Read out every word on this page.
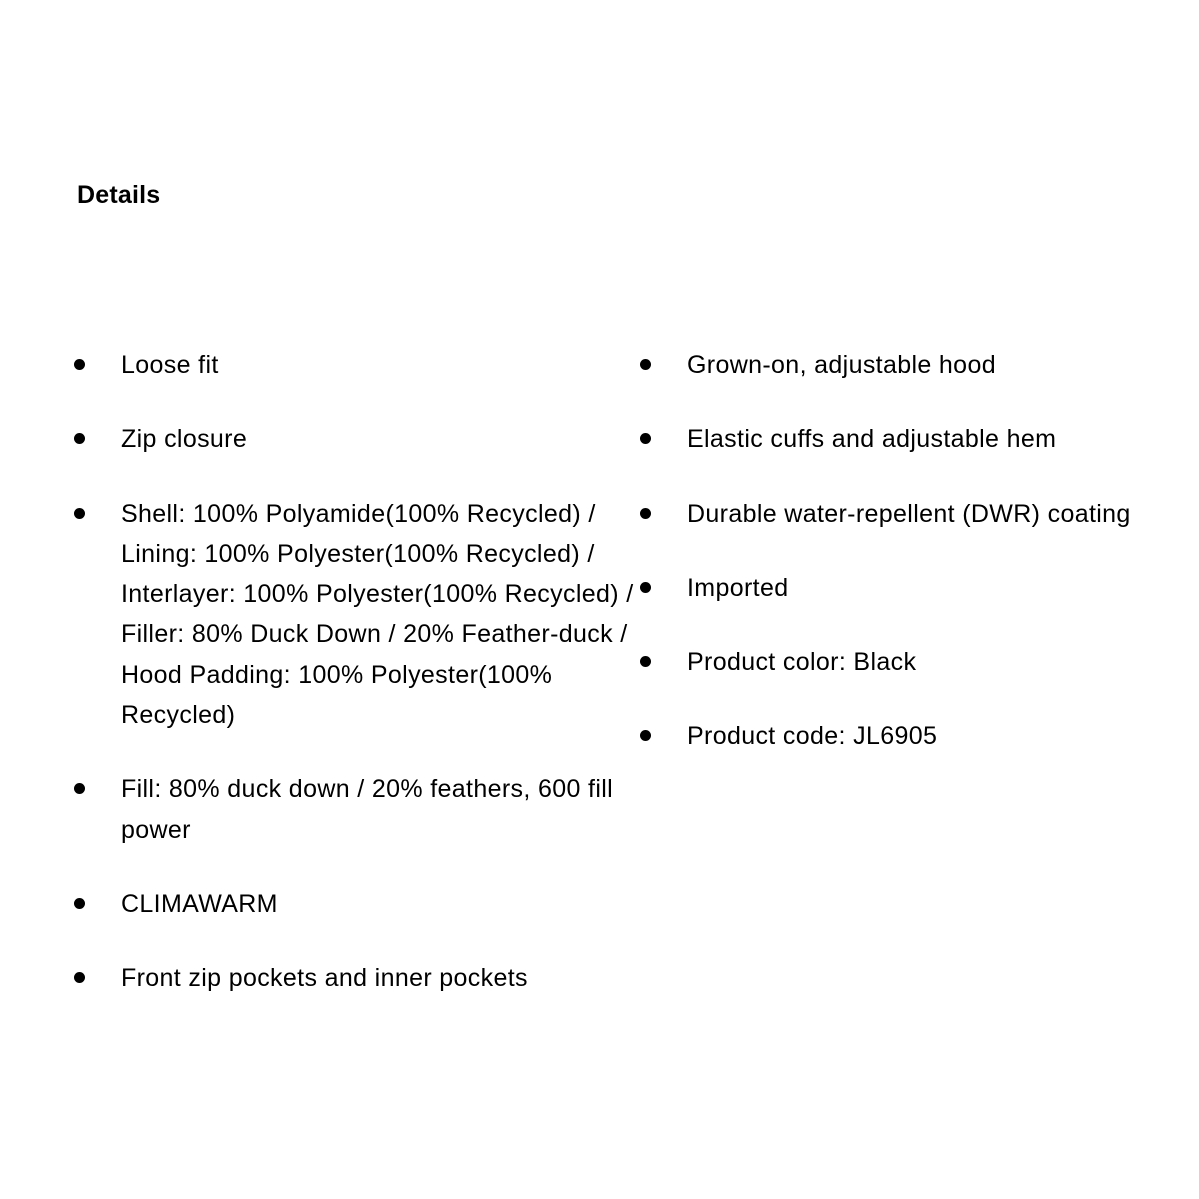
Details
Loose fit
Zip closure
Shell: 100% Polyamide(100% Recycled) / Lining: 100% Polyester(100% Recycled) / Interlayer: 100% Polyester(100% Recycled) / Filler: 80% Duck Down / 20% Feather-duck / Hood Padding: 100% Polyester(100% Recycled)
Fill: 80% duck down / 20% feathers, 600 fill power
CLIMAWARM
Front zip pockets and inner pockets
Grown-on, adjustable hood
Elastic cuffs and adjustable hem
Durable water-repellent (DWR) coating
Imported
Product color: Black
Product code: JL6905
